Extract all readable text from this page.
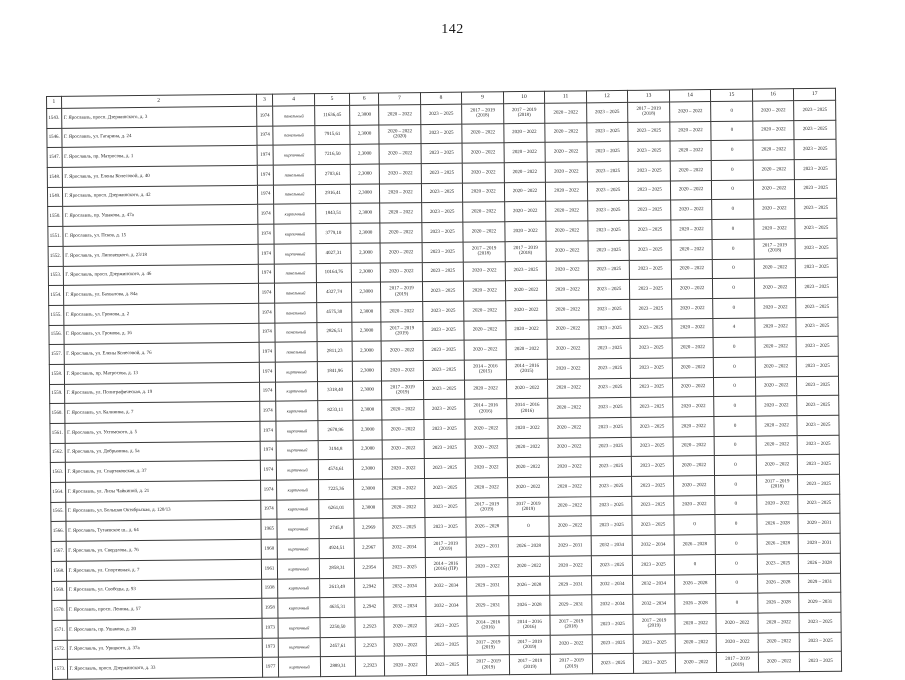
142
1	2	3	4	5	6	7	8	9	10	11	12	13	14	15	16	17
1543.	Г. Ярославль, просп. Дзержинского, д. 3	1974	панельный	11636,45	2,3000	2020 – 2022	2023 – 2025	2017 – 2019 (2018)	2017 – 2019 (2018)	2020 – 2022	2023 – 2025	2017 – 2019 (2018)	2020 – 2022	0	2020 – 2022	2023 – 2025
1546.	Г. Ярославль, ул. Гагарина, д. 24	1974	панельный	7915,61	2,3000	2020 – 2022 (2020)	2023 – 2025	2020 – 2022	2020 – 2022	2020 – 2022	2023 – 2025	2023 – 2025	2020 – 2022	0	2020 – 2022	2023 – 2025
1547.	Г. Ярославль, пр. Матросова, д. 1	1974	кирпичный	7216,50	2,3000	2020 – 2022	2023 – 2025	2020 – 2022	2020 – 2022	2020 – 2022	2023 – 2025	2023 – 2025	2020 – 2022	0	2020 – 2022	2023 – 2025
1548.	Г. Ярославль, ул. Елены Колесовой, д. 40	1974	панельный	2703,61	2,3000	2020 – 2022	2023 – 2025	2020 – 2022	2020 – 2022	2020 – 2022	2023 – 2025	2023 – 2025	2020 – 2022	0	2020 – 2022	2023 – 2025
1549.	Г. Ярославль, просп. Дзержинского, д. 42	1974	панельный	2916,41	2,3000	2020 – 2022	2023 – 2025	2020 – 2022	2020 – 2022	2020 – 2022	2023 – 2025	2023 – 2025	2020 – 2022	0	2020 – 2022	2023 – 2025
1550.	Г. Ярославль, пр. Ушакова, д. 47а	1974	кирпичный	1843,51	2,3000	2020 – 2022	2023 – 2025	2020 – 2022	2020 – 2022	2020 – 2022	2023 – 2025	2023 – 2025	2020 – 2022	0	2020 – 2022	2023 – 2025
1551.	Г. Ярославль, ул. Псков, д. 15	1974	кирпичный	3779,10	2,3000	2020 – 2022	2023 – 2025	2020 – 2022	2020 – 2022	2020 – 2022	2023 – 2025	2023 – 2025	2020 – 2022	0	2020 – 2022	2023 – 2025
1552.	Г. Ярославль, ул. Липовецкого, д. 23/18	1974	кирпичный	4027,31	2,3000	2020 – 2022	2023 – 2025	2017 – 2019 (2018)	2017 – 2019 (2018)	2020 – 2022	2023 – 2025	2023 – 2025	2020 – 2022	0	2017 – 2019 (2018)	2023 – 2025
1553.	Г. Ярославль, просп. Дзержинского, д. 46	1974	панельный	10164,76	2,3000	2020 – 2022	2023 – 2025	2020 – 2022	2023 – 2025	2020 – 2022	2023 – 2025	2023 – 2025	2020 – 2022	0	2020 – 2022	2023 – 2025
1554.	Г. Ярославль, ул. Бахвалова, д. 84а	1974	панельный	4327,74	2,3000	2017 – 2019 (2019)	2023 – 2025	2020 – 2022	2020 – 2022	2020 – 2022	2023 – 2025	2023 – 2025	2020 – 2022	0	2020 – 2022	2023 – 2025
1555.	Г. Ярославль, ул. Громова, д. 2	1974	панельный	4575,30	2,3000	2020 – 2022	2023 – 2025	2020 – 2022	2020 – 2022	2020 – 2022	2023 – 2025	2023 – 2025	2020 – 2022	0	2020 – 2022	2023 – 2025
1556.	Г. Ярославль, ул. Громова, д. 16	1974	панельный	2826,51	2,3000	2017 – 2019 (2019)	2023 – 2025	2020 – 2022	2020 – 2022	2020 – 2022	2023 – 2025	2023 – 2025	2020 – 2022	4	2020 – 2022	2023 – 2025
1557.	Г. Ярославль, ул. Елены Колесовой, д. 76	1974	панельный	2811,23	2,3000	2020 – 2022	2023 – 2025	2020 – 2022	2020 – 2022	2020 – 2022	2023 – 2025	2023 – 2025	2020 – 2022	0	2020 – 2022	2023 – 2025
1558.	Г. Ярославль, пр. Матросова, д. 13	1974	кирпичный	1841,96	2,3000	2020 – 2022	2023 – 2025	2014 – 2016 (2015)	2014 – 2016 (2015)	2020 – 2022	2023 – 2025	2023 – 2025	2020 – 2022	0	2020 – 2022	2023 – 2025
1559.	Г. Ярославль, ул. Полиграфическая, д. 19	1974	кирпичный	3318,40	2,3000	2017 – 2019 (2019)	2023 – 2025	2020 – 2022	2020 – 2022	2020 – 2022	2023 – 2025	2023 – 2025	2020 – 2022	0	2020 – 2022	2023 – 2025
1560.	Г. Ярославль, ул. Калинина, д. 7	1974	кирпичный	8233,11	2,3000	2020 – 2022	2023 – 2025	2014 – 2016 (2016)	2014 – 2016 (2016)	2020 – 2022	2023 – 2025	2023 – 2025	2020 – 2022	0	2020 – 2022	2023 – 2025
1561.	Г. Ярославль, ул. Ухтомского, д. 5	1974	кирпичный	2678,96	2,3000	2020 – 2022	2023 – 2025	2020 – 2022	2020 – 2022	2020 – 2022	2023 – 2025	2023 – 2025	2020 – 2022	0	2020 – 2022	2023 – 2025
1562.	Г. Ярославль, ул. Добрынина, д. 5а	1974	кирпичный	3194,8	2,3000	2020 – 2022	2023 – 2025	2020 – 2022	2020 – 2022	2020 – 2022	2023 – 2025	2023 – 2025	2020 – 2022	0	2020 – 2022	2023 – 2025
1563.	Г. Ярославль, ул. Спартаковская, д. 37	1974	кирпичный	4574,61	2,3000	2020 – 2022	2023 – 2025	2020 – 2022	2020 – 2022	2020 – 2022	2023 – 2025	2023 – 2025	2020 – 2022	0	2020 – 2022	2023 – 2025
1564.	Г. Ярославль, ул. Лизы Чайкиной, д. 21	1974	кирпичный	7225,36	2,3000	2020 – 2022	2023 – 2025	2020 – 2022	2020 – 2022	2020 – 2022	2023 – 2025	2023 – 2025	2020 – 2022	0	2017 – 2019 (2018)	2023 – 2025
1565.	Г. Ярославль, ул. Большая Октябрьская, д. 120/13	1974	кирпичный	6261,01	2,3000	2020 – 2022	2023 – 2025	2017 – 2019 (2019)	2017 – 2019 (2019)	2020 – 2022	2023 – 2025	2023 – 2025	2020 – 2022	0	2020 – 2022	2023 – 2025
1566.	Г. Ярославль, Тутаевское ш., д. 64	1965	кирпичный	2745,8	2,2969	2023 – 2025	2023 – 2025	2026 – 2028	0	2020 – 2022	2023 – 2025	2023 – 2025	0	0	2026 – 2028	2029 – 2031
1567.	Г. Ярославль, ул. Свердлова, д. 76	1960	кирпичный	4924,51	2,2967	2032 – 2034	2017 – 2019 (2019)	2029 – 2031	2026 – 2028	2029 – 2031	2032 – 2034	2032 – 2034	2026 – 2028	0	2026 – 2028	2029 – 2031
1568.	Г. Ярославль, ул. Спортивная, д. 7	1961	кирпичный	2858,31	2,2954	2023 – 2025	2014 – 2016 (2016) (ПР)	2020 – 2022	2020 – 2022	2020 – 2022	2023 – 2025	2023 – 2025	0	0	2023 – 2025	2026 – 2028
1569.	Г. Ярославль, ул. Свободы, д. 93	1938	кирпичный	2613,49	2,2942	2032 – 2034	2032 – 2034	2029 – 2031	2026 – 2028	2029 – 2031	2032 – 2034	2032 – 2034	2026 – 2028	0	2026 – 2028	2029 – 2031
1570.	Г. Ярославль, просп. Ленина, д. 57	1958	кирпичный	4635,31	2,2942	2032 – 2034	2032 – 2034	2029 – 2031	2026 – 2028	2029 – 2031	2032 – 2034	2032 – 2034	2026 – 2028	0	2026 – 2028	2029 – 2031
1571.	Г. Ярославль, пр. Ушакова, д. 20	1973	кирпичный	2250,50	2,2923	2020 – 2022	2023 – 2025	2014 – 2016 (2016)	2014 – 2016 (2016)	2017 – 2019 (2018)	2023 – 2025	2017 – 2019 (2019)	2020 – 2022	2020 – 2022	2020 – 2022	2023 – 2025
1572.	Г. Ярославль, ул. Урицкого, д. 37а	1973	кирпичный	2457,61	2,2923	2020 – 2022	2023 – 2025	2017 – 2019 (2019)	2017 – 2019 (2019)	2020 – 2022	2023 – 2025	2023 – 2025	2020 – 2022	2020 – 2022	2020 – 2022	2023 – 2025
1573.	Г. Ярославль, просп. Дзержинского, д. 33	1977	кирпичный	2889,31	2,2923	2020 – 2022	2023 – 2025	2017 – 2019 (2019)	2017 – 2019 (2019)	2017 – 2019 (2019)	2023 – 2025	2023 – 2025	2020 – 2022	2017 – 2019 (2019)	2020 – 2022	2023 – 2025
